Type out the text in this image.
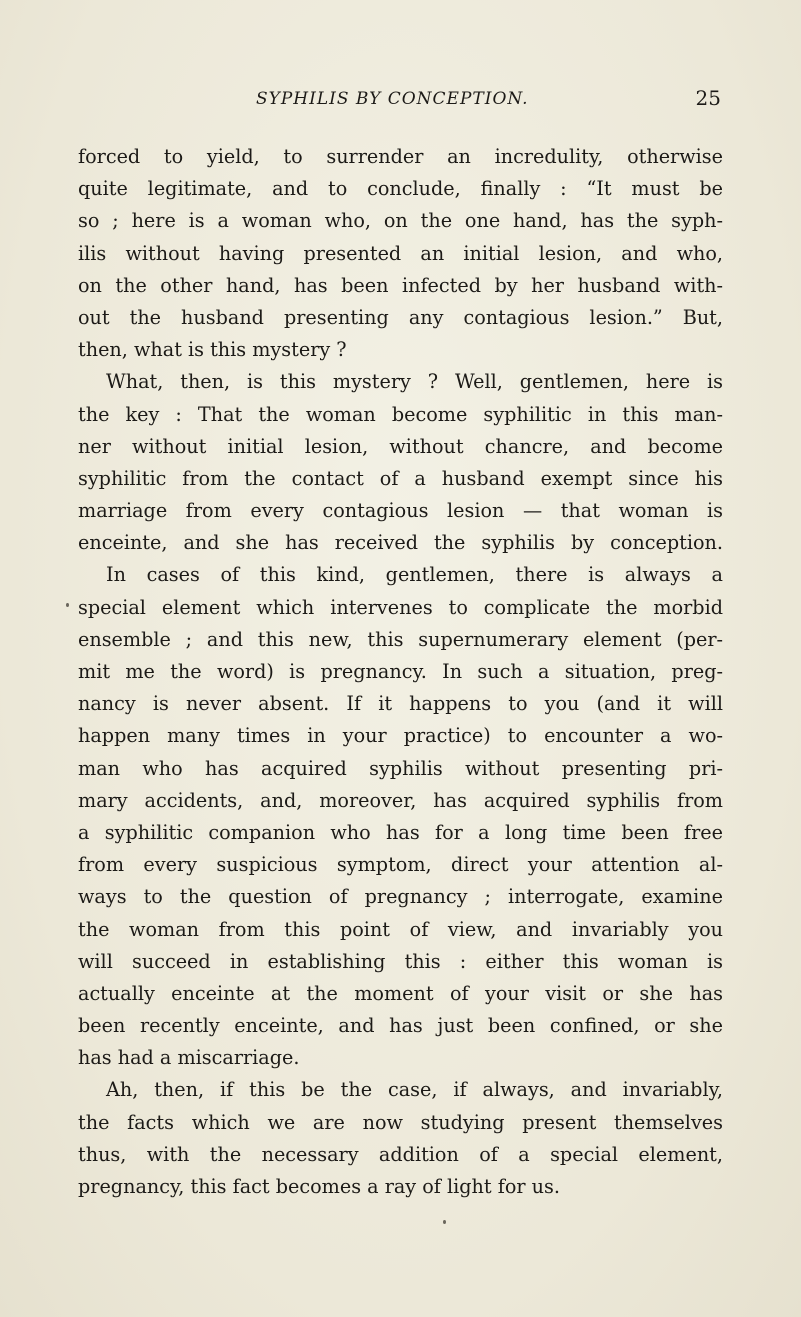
SYPHILIS BY CONCEPTION.	25
forced to yield, to surrender an incredulity, otherwise
quite legitimate, and to conclude, finally : “It must be
so ; here is a woman who, on the one hand, has the syph-
ilis without having presented an initial lesion, and who,
on the other hand, has been infected by her husband with-
out the husband presenting any contagious lesion.” But,
then, what is this mystery ?
What, then, is this mystery ? Well, gentlemen, here is
the key : That the woman become syphilitic in this man-
ner without initial lesion, without chancre, and become
syphilitic from the contact of a husband exempt since his
marriage from every contagious lesion — that woman is
enceinte, and she has received the syphilis by conception.
In cases of this kind, gentlemen, there is always a
special element which intervenes to complicate the morbid
ensemble ; and this new, this supernumerary element (per-
mit me the word) is pregnancy. In such a situation, preg-
nancy is never absent. If it happens to you (and it will
happen many times in your practice) to encounter a wo-
man who has acquired syphilis without presenting pri-
mary accidents, and, moreover, has acquired syphilis from
a syphilitic companion who has for a long time been free
from every suspicious symptom, direct your attention al-
ways to the question of pregnancy ; interrogate, examine
the woman from this point of view, and invariably you
will succeed in establishing this : either this woman is
actually enceinte at the moment of your visit or she has
been recently enceinte, and has just been confined, or she
has had a miscarriage.
Ah, then, if this be the case, if always, and invariably,
the facts which we are now studying present themselves
thus, with the necessary addition of a special element,
pregnancy, this fact becomes a ray of light for us.
